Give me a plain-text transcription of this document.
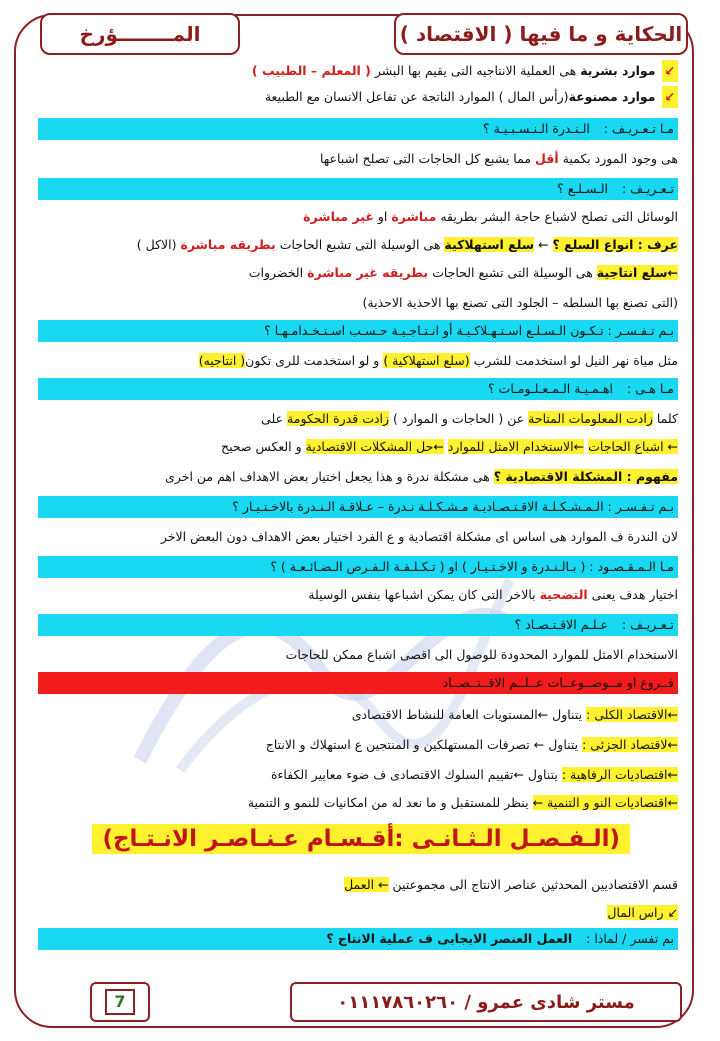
المــــــــؤرخ	الحكاية و ما فيها ( الاقتصاد )
↙موارد بشرية هى العملية الانتاجيه التى يقيم بها البشر ( المعلم – الطبيب )
↙موارد مصنوعة(رأس المال ) الموارد الناتجة عن تفاعل الانسان مع الطبيعة
مـا تـعـريـف :الـنـدرة الـنـسـبـيـة ؟
هى وجود المورد بكمية أقل مما يشبع كل الحاجات التى تصلح اشباعها
تـعـريـف :الـسـلـع ؟
الوسائل التى تصلح لاشباع حاجة البشر بطريقه مباشرة او غير مباشرة
عرف : انواع السلع ؟ ← سلع استهلاكية هى الوسيلة التى تشبع الحاجات بطريقه مباشرة (الاكل )
←سلع انتاجية هى الوسيلة التى تشبع الحاجات بطريقه غير مباشرة الخضروات
(التى تصنع بها السلطه – الجلود التى تصنع بها الاحذية الاحذية)
بـم تـفـسـر : تـكـون الـسـلـع اسـتـهـلاكـيـة أو انـتـاجـيـة حـسـب اسـتـخـدامـهـا ؟
مثل مياة نهر النيل لو استخدمت للشرب (سلع استهلاكية ) و لو استخدمت للرى تكون( انتاجيه)
مـا هـى :اهـمـيـة الـمـعـلـومـات ؟
كلما زادت المعلومات المتاحة عن ( الحاجات و الموارد ) زادت قدرة الحكومة على
← اشباع الحاجات ←الاستخدام الامثل للموارد ←حل المشكلات الاقتصادية و العكس صحيح
مفهوم : المشكلة الاقتصادية ؟ هى مشكلة ندرة و هذا يجعل اختيار بعض الاهداف اهم من اخرى
بـم تـفـسـر : الـمـشـكـلـة الاقـتـصـاديـة مـشـكـلـة نـدرة – عـلاقـة الـنـدرة بالاخـتـيـار ؟
لان الندرة ف الموارد هى اساس اى مشكلة اقتصادية و ع الفرد اختيار بعض الاهداف دون البعض الاخر
مـا الـمـقـصـود : ( بـالـنـدرة و الاخـتـيـار ) او ( تـكـلـفـة الـفـرص الـضـائـعـة ) ؟
اختيار هدف يعنى التضحية بالاخر التى كان يمكن اشباعها بنفس الوسيلة
تـعـريـف :عـلـم الاقـتـصـاد ؟
الاستخدام الامثل للموارد المحدودة للوصول الى اقصى اشباع ممكن للحاجات
فــروع او مــوضــوعــات عــلــم الاقــتــصــاد
←الاقتصاد الكلى : يتناول ←المستويات العامة للنشاط الاقتصادى
←لاقتصاد الجزئى : يتناول ← تصرفات المستهلكين و المنتجين ع استهلاك و الانتاج
←اقتصاديات الرفاهية : يتناول ←تقييم السلوك الاقتصادى ف ضوء معايير الكفاءة
←اقتصاديات النو و التنمية ← ينظر للمستقبل و ما نعد له من امكانيات للنمو و التنمية
قسم الاقتصاديين المحدثين عناصر الانتاج الى مجموعتين ← العمل
↙ راس المال
بم تفسر / لماذا :العمل العنصر الايجابى ف عملية الانتاج ؟
(الـفـصـل الـثـانـى :أقـسـام عـنـاصـر الانـتـاج)
7	مستر شادى عمرو / ٠١١١٧٨٦٠٢٦٠
